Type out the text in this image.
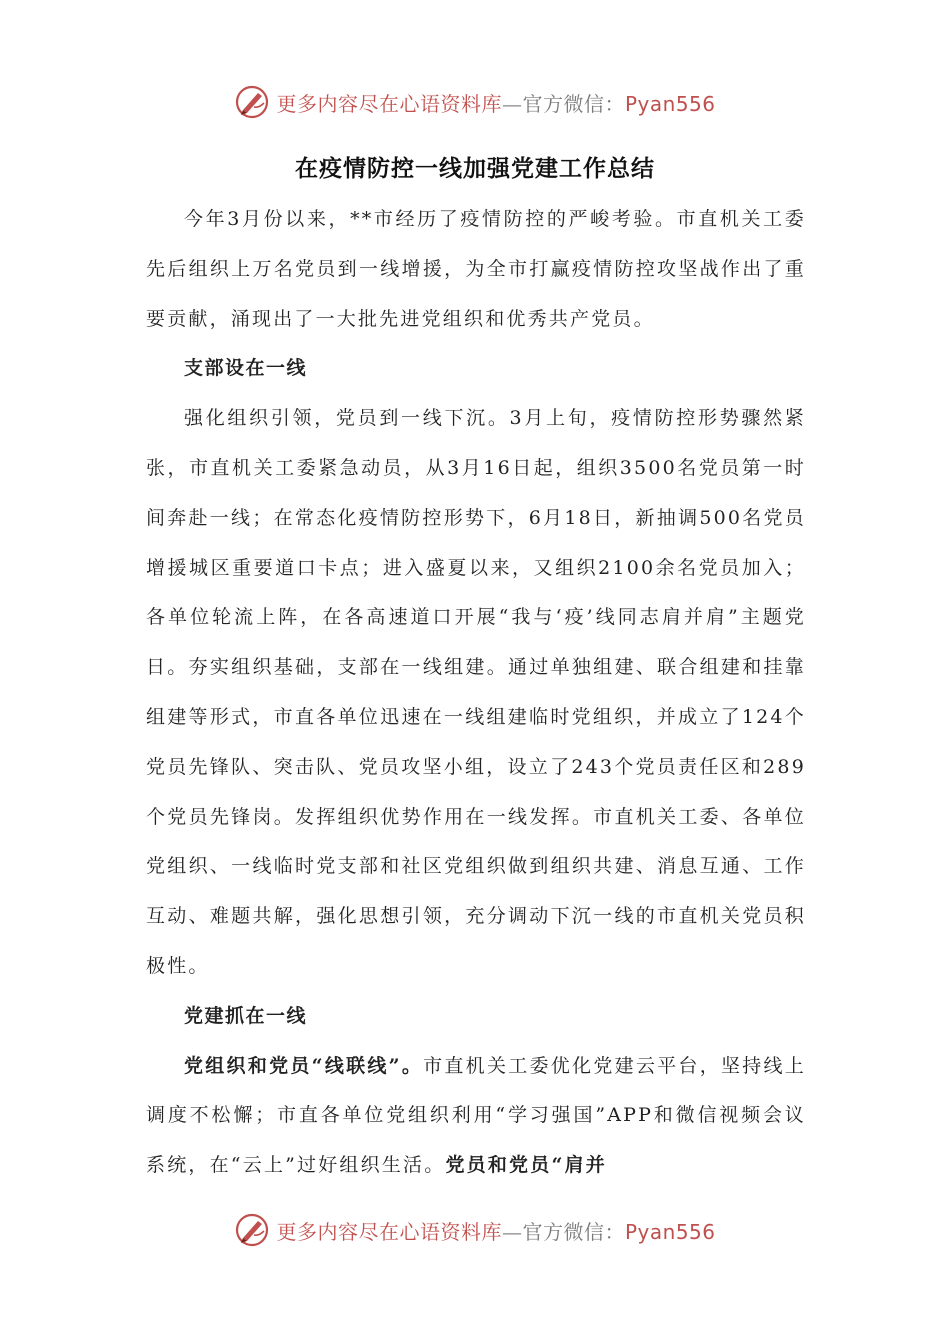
更多内容尽在心语资料库—官方微信：Pyan556
在疫情防控一线加强党建工作总结

今年3月份以来，**市经历了疫情防控的严峻考验。市直机关工委先后组织上万名党员到一线增援，为全市打赢疫情防控攻坚战作出了重要贡献，涌现出了一大批先进党组织和优秀共产党员。

支部设在一线

强化组织引领，党员到一线下沉。3月上旬，疫情防控形势骤然紧张，市直机关工委紧急动员，从3月16日起，组织3500名党员第一时间奔赴一线；在常态化疫情防控形势下，6月18日，新抽调500名党员增援城区重要道口卡点；进入盛夏以来，又组织2100余名党员加入；各单位轮流上阵，在各高速道口开展“我与‘疫’线同志肩并肩”主题党日。夯实组织基础，支部在一线组建。通过单独组建、联合组建和挂靠组建等形式，市直各单位迅速在一线组建临时党组织，并成立了124个党员先锋队、突击队、党员攻坚小组，设立了243个党员责任区和289个党员先锋岗。发挥组织优势作用在一线发挥。市直机关工委、各单位党组织、一线临时党支部和社区党组织做到组织共建、消息互通、工作互动、难题共解，强化思想引领，充分调动下沉一线的市直机关党员积极性。

党建抓在一线

党组织和党员“线联线”。市直机关工委优化党建云平台，坚持线上调度不松懈；市直各单位党组织利用“学习强国”APP和微信视频会议系统，在“云上”过好组织生活。党员和党员“肩并

更多内容尽在心语资料库—官方微信：Pyan556
